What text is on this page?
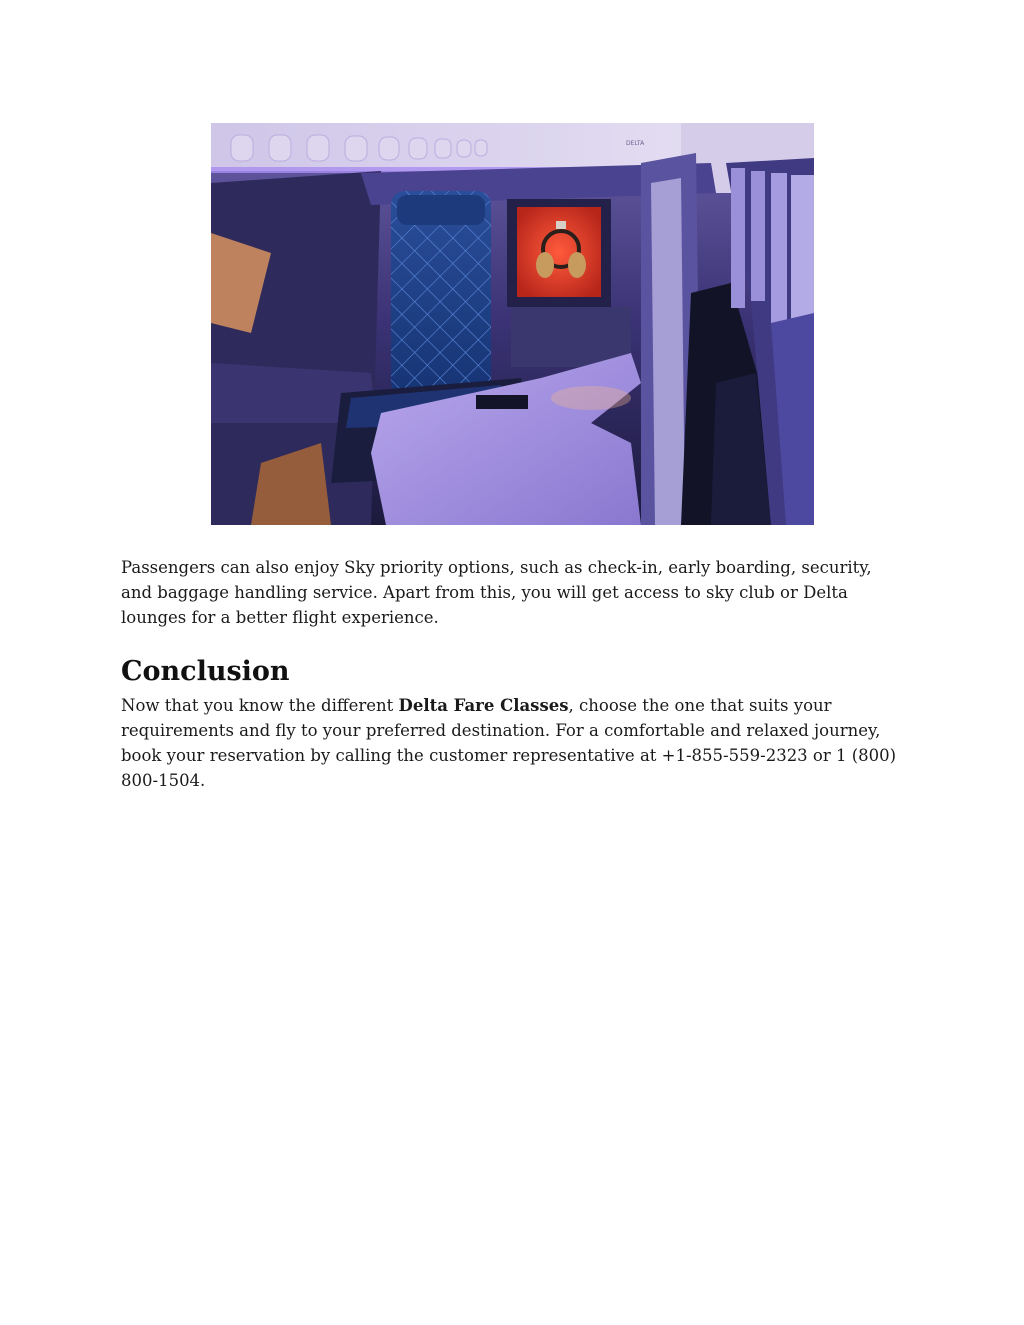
DELTA

Passengers can also enjoy Sky priority options, such as check-in, early boarding, security, and baggage handling service. Apart from this, you will get access to sky club or Delta lounges for a better flight experience.

Conclusion

Now that you know the different Delta Fare Classes, choose the one that suits your requirements and fly to your preferred destination. For a comfortable and relaxed journey, book your reservation by calling the customer representative at +1-855-559-2323 or 1 (800) 800-1504.
